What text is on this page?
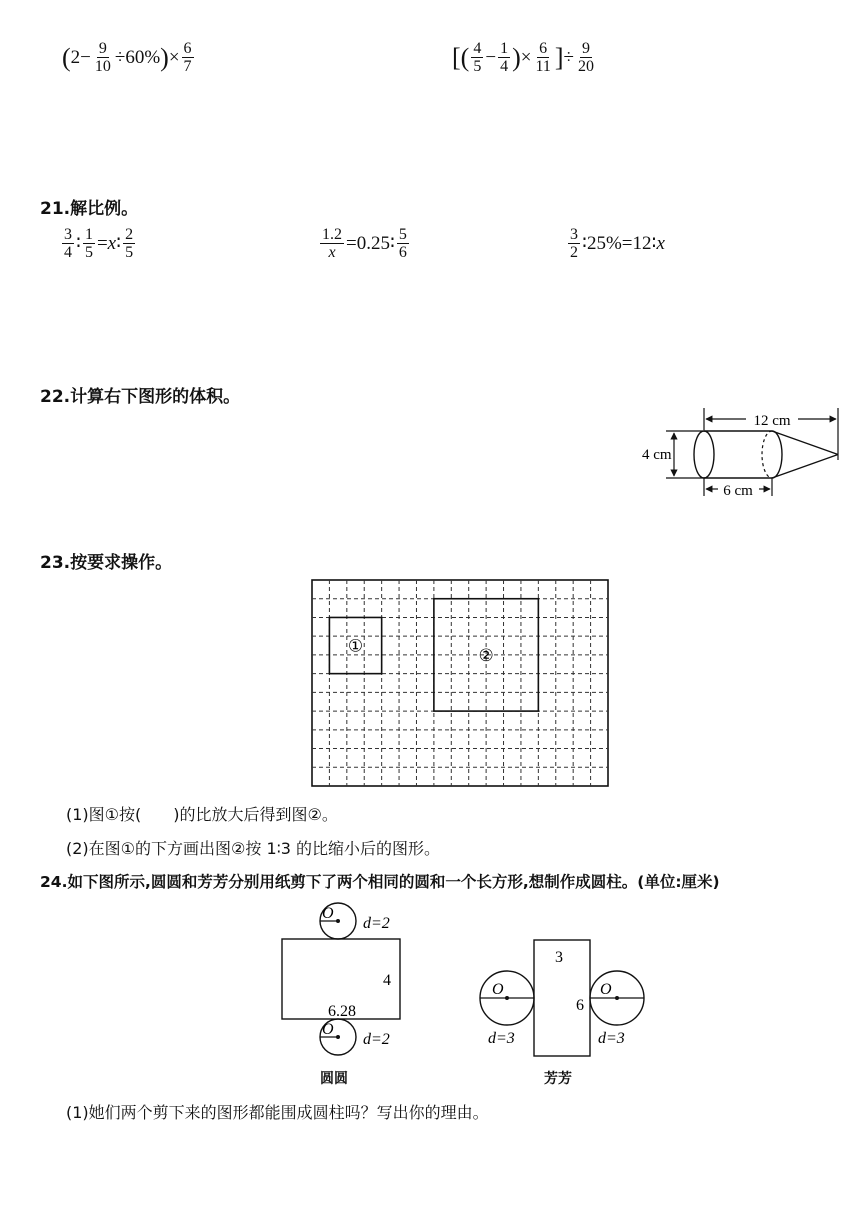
( $2- \frac{9}{10} \div 60\%$ ) × $\frac{6}{7}$	[ ( $\frac{4}{5} - \frac{1}{4}$ ) × $\frac{6}{11}$ ] ÷ $\frac{9}{20}$
21.解比例。
$\frac{3}{4}$ ∶ $\frac{1}{5} = x$ ∶ $\frac{2}{5}$	$\frac{1.2}{x}$ =0.25∶ $\frac{5}{6}$	$\frac{3}{2}$ ∶25%=12∶ x
22.计算右下图形的体积。
12 cm
4 cm
6 cm
23.按要求操作。
①	②
(1)图①按(　　)的比放大后得到图②。
(2)在图①的下方画出图②按 1∶3 的比缩小后的图形。
24.如下图所示,圆圆和芳芳分别用纸剪下了两个相同的圆和一个长方形,想制作成圆柱。(单位:厘米)
O
d=2
4
6.28
O
d=2
圆圆
3
6
O
d=3
O
d=3
芳芳
(1)她们两个剪下来的图形都能围成圆柱吗？写出你的理由。
